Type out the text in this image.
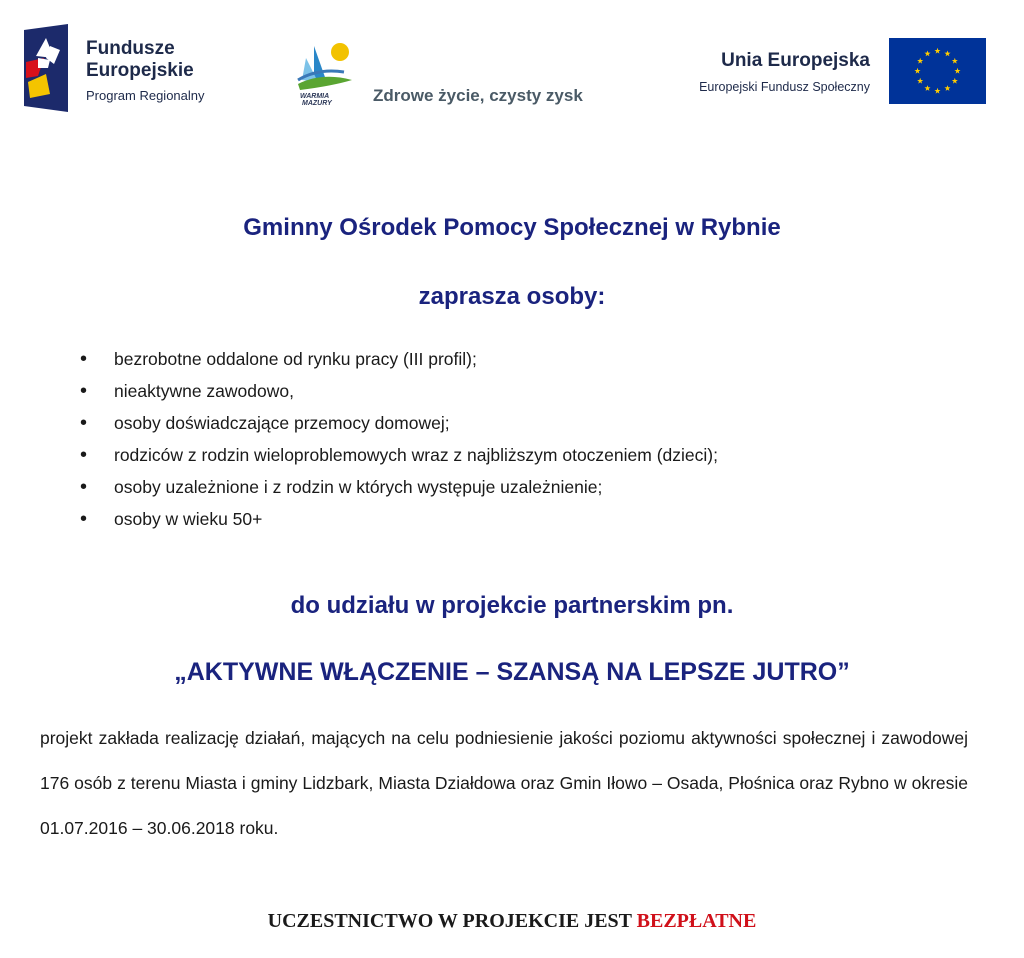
Fundusze
Europejskie
Program Regionalny	WARMIA
MAZURY Zdrowe życie, czysty zysk
Unia Europejska
Europejski Fundusz Społeczny
Gminny Ośrodek Pomocy Społecznej w Rybnie
zaprasza osoby:
• bezrobotne oddalone od rynku pracy (III profil);
• nieaktywne zawodowo,
• osoby doświadczające przemocy domowej;
• rodziców z rodzin wieloproblemowych wraz z najbliższym otoczeniem (dzieci);
• osoby uzależnione i z rodzin w których występuje uzależnienie;
• osoby w wieku 50+
do udziału w projekcie partnerskim pn.
„AKTYWNE WŁĄCZENIE – SZANSĄ NA LEPSZE JUTRO”

projekt zakłada realizację działań, mających na celu podniesienie jakości poziomu aktywności społecznej i zawodowej 176 osób z terenu Miasta i gminy Lidzbark, Miasta Działdowa oraz Gmin Iłowo – Osada, Płośnica oraz Rybno w okresie 01.07.2016 – 30.06.2018 roku.

UCZESTNICTWO W PROJEKCIE JEST BEZPŁATNE
